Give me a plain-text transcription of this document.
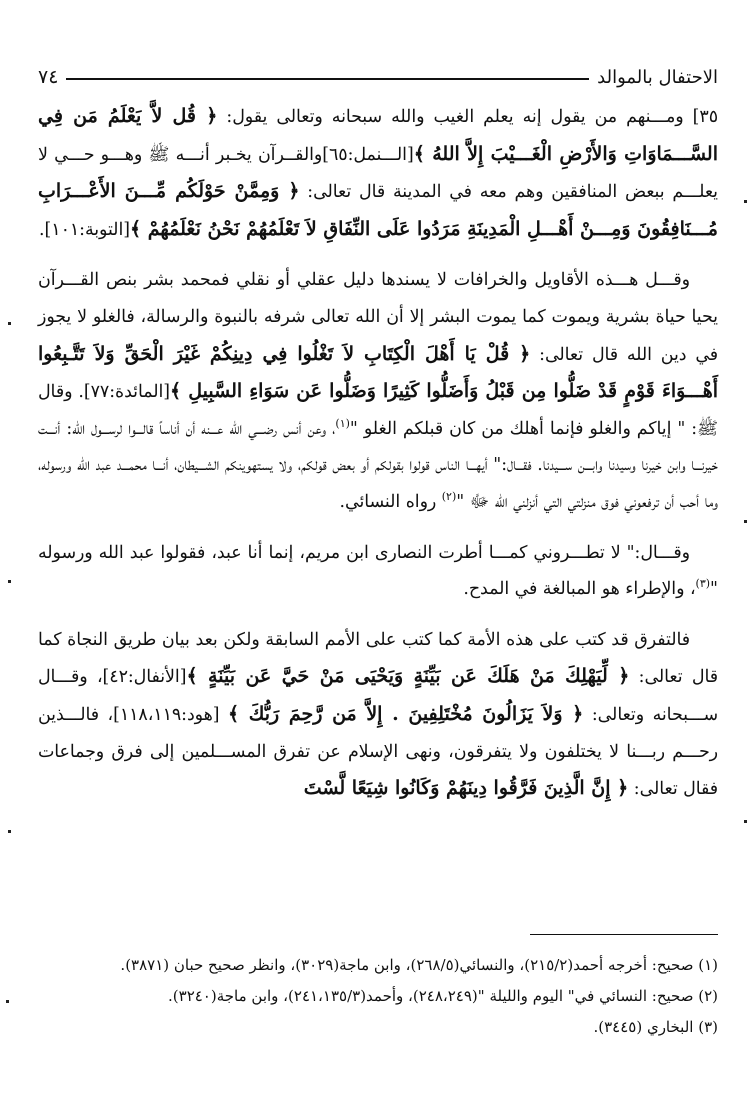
الاحتفال بالموالد
٧٤

٣٥] ومـــنهم من يقول إنه يعلم الغيب والله سبحانه وتعالى يقول: ﴿ قُل لاَّ يَعْلَمُ مَن فِي السَّـــمَاوَاتِ وَالأَرْضِ الْغَـــيْبَ إِلاَّ اللهُ ﴾[الـــنمل:٦٥]والقــرآن يخـبر أنـــه ﷺ وهـــو حـــي لا يعلـــم ببعض المنافقين وهم معه في المدينة قال تعالى: ﴿ وَمِمَّنْ حَوْلَكُم مِّـــنَ الأَعْـــرَابِ مُـــنَافِقُونَ وَمِـــنْ أَهْـــلِ الْمَدِينَةِ مَرَدُوا عَلَى النِّفَاقِ لاَ تَعْلَمُهُمْ نَحْنُ نَعْلَمُهُمْ ﴾[التوبة:١٠١].

وقـــل هـــذه الأقاويل والخرافات لا يسندها دليل عقلي أو نقلي فمحمد بشر بنص القـــرآن يحيا حياة بشرية ويموت كما يموت البشر إلا أن الله تعالى شرفه بالنبوة والرسالة، فالغلو لا يجوز في دين الله قال تعالى: ﴿ قُلْ يَا أَهْلَ الْكِتَابِ لاَ تَغْلُوا فِي دِينِكُمْ غَيْرَ الْحَقِّ وَلاَ تَتَّـبِعُوا أَهْـــوَاءَ قَوْمٍ قَدْ ضَلُّوا مِن قَبْلُ وَأَضَلُّوا كَثِيرًا وَضَلُّوا عَن سَوَاءِ السَّبِيلِ ﴾[المائدة:٧٧]. وقال ﷺ: " إياكم والغلو فإنما أهلك من كان قبلكم الغلو "$^{(١)}$، وعن أنس رضـــي الله عـــنه أن أناساً قالـــوا لرســـول الله: أنـــت خيرنـــا وابن خيرنا وسيدنا وابـــن ســـيدنا. فقـــال:" أيهـــا الناس قولوا بقولكم أو بعض قولكم، ولا يستهوينكم الشـــيطان، أنـــا محمـــد عبد الله ورسوله، وما أحب أن ترفعوني فوق منزلتي التي أنزلني الله ﷻ "$^{(٢)}$ رواه النسائي.

وقـــال:" لا تطـــروني كمـــا أطرت النصارى ابن مريم، إنما أنا عبد، فقولوا عبد الله ورسوله "$^{(٣)}$، والإطراء هو المبالغة في المدح.

فالتفرق قد كتب على هذه الأمة كما كتب على الأمم السابقة ولكن بعد بيان طريق النجاة كما قال تعالى: ﴿ لِّيَهْلِكَ مَنْ هَلَكَ عَن بَيِّنَةٍ وَيَحْيَى مَنْ حَيَّ عَن بَيِّنَةٍ ﴾[الأنفال:٤٢]، وقـــال ســـبحانه وتعالى: ﴿ وَلاَ يَزَالُونَ مُخْتَلِفِينَ . إِلاَّ مَن رَّحِمَ رَبُّكَ ﴾ [هود:١١٨،١١٩]، فالـــذين رحـــم ربـــنا لا يختلفون ولا يتفرقون، ونهى الإسلام عن تفرق المســـلمين إلى فرق وجماعات فقال تعالى: ﴿ إِنَّ الَّذِينَ فَرَّقُوا دِينَهُمْ وَكَانُوا شِيَعًا لَّسْتَ

(١) صحيح: أخرجه أحمد(٢١٥/٢)، والنسائي(٢٦٨/٥)، وابن ماجة(٣٠٢٩)، وانظر صحيح حبان (٣٨٧١).
(٢) صحيح: النسائي في" اليوم والليلة "(٢٤٨،٢٤٩)، وأحمد(٢٤١،١٣٥/٣)، وابن ماجة(٣٢٤٠).
(٣) البخاري (٣٤٤٥).
